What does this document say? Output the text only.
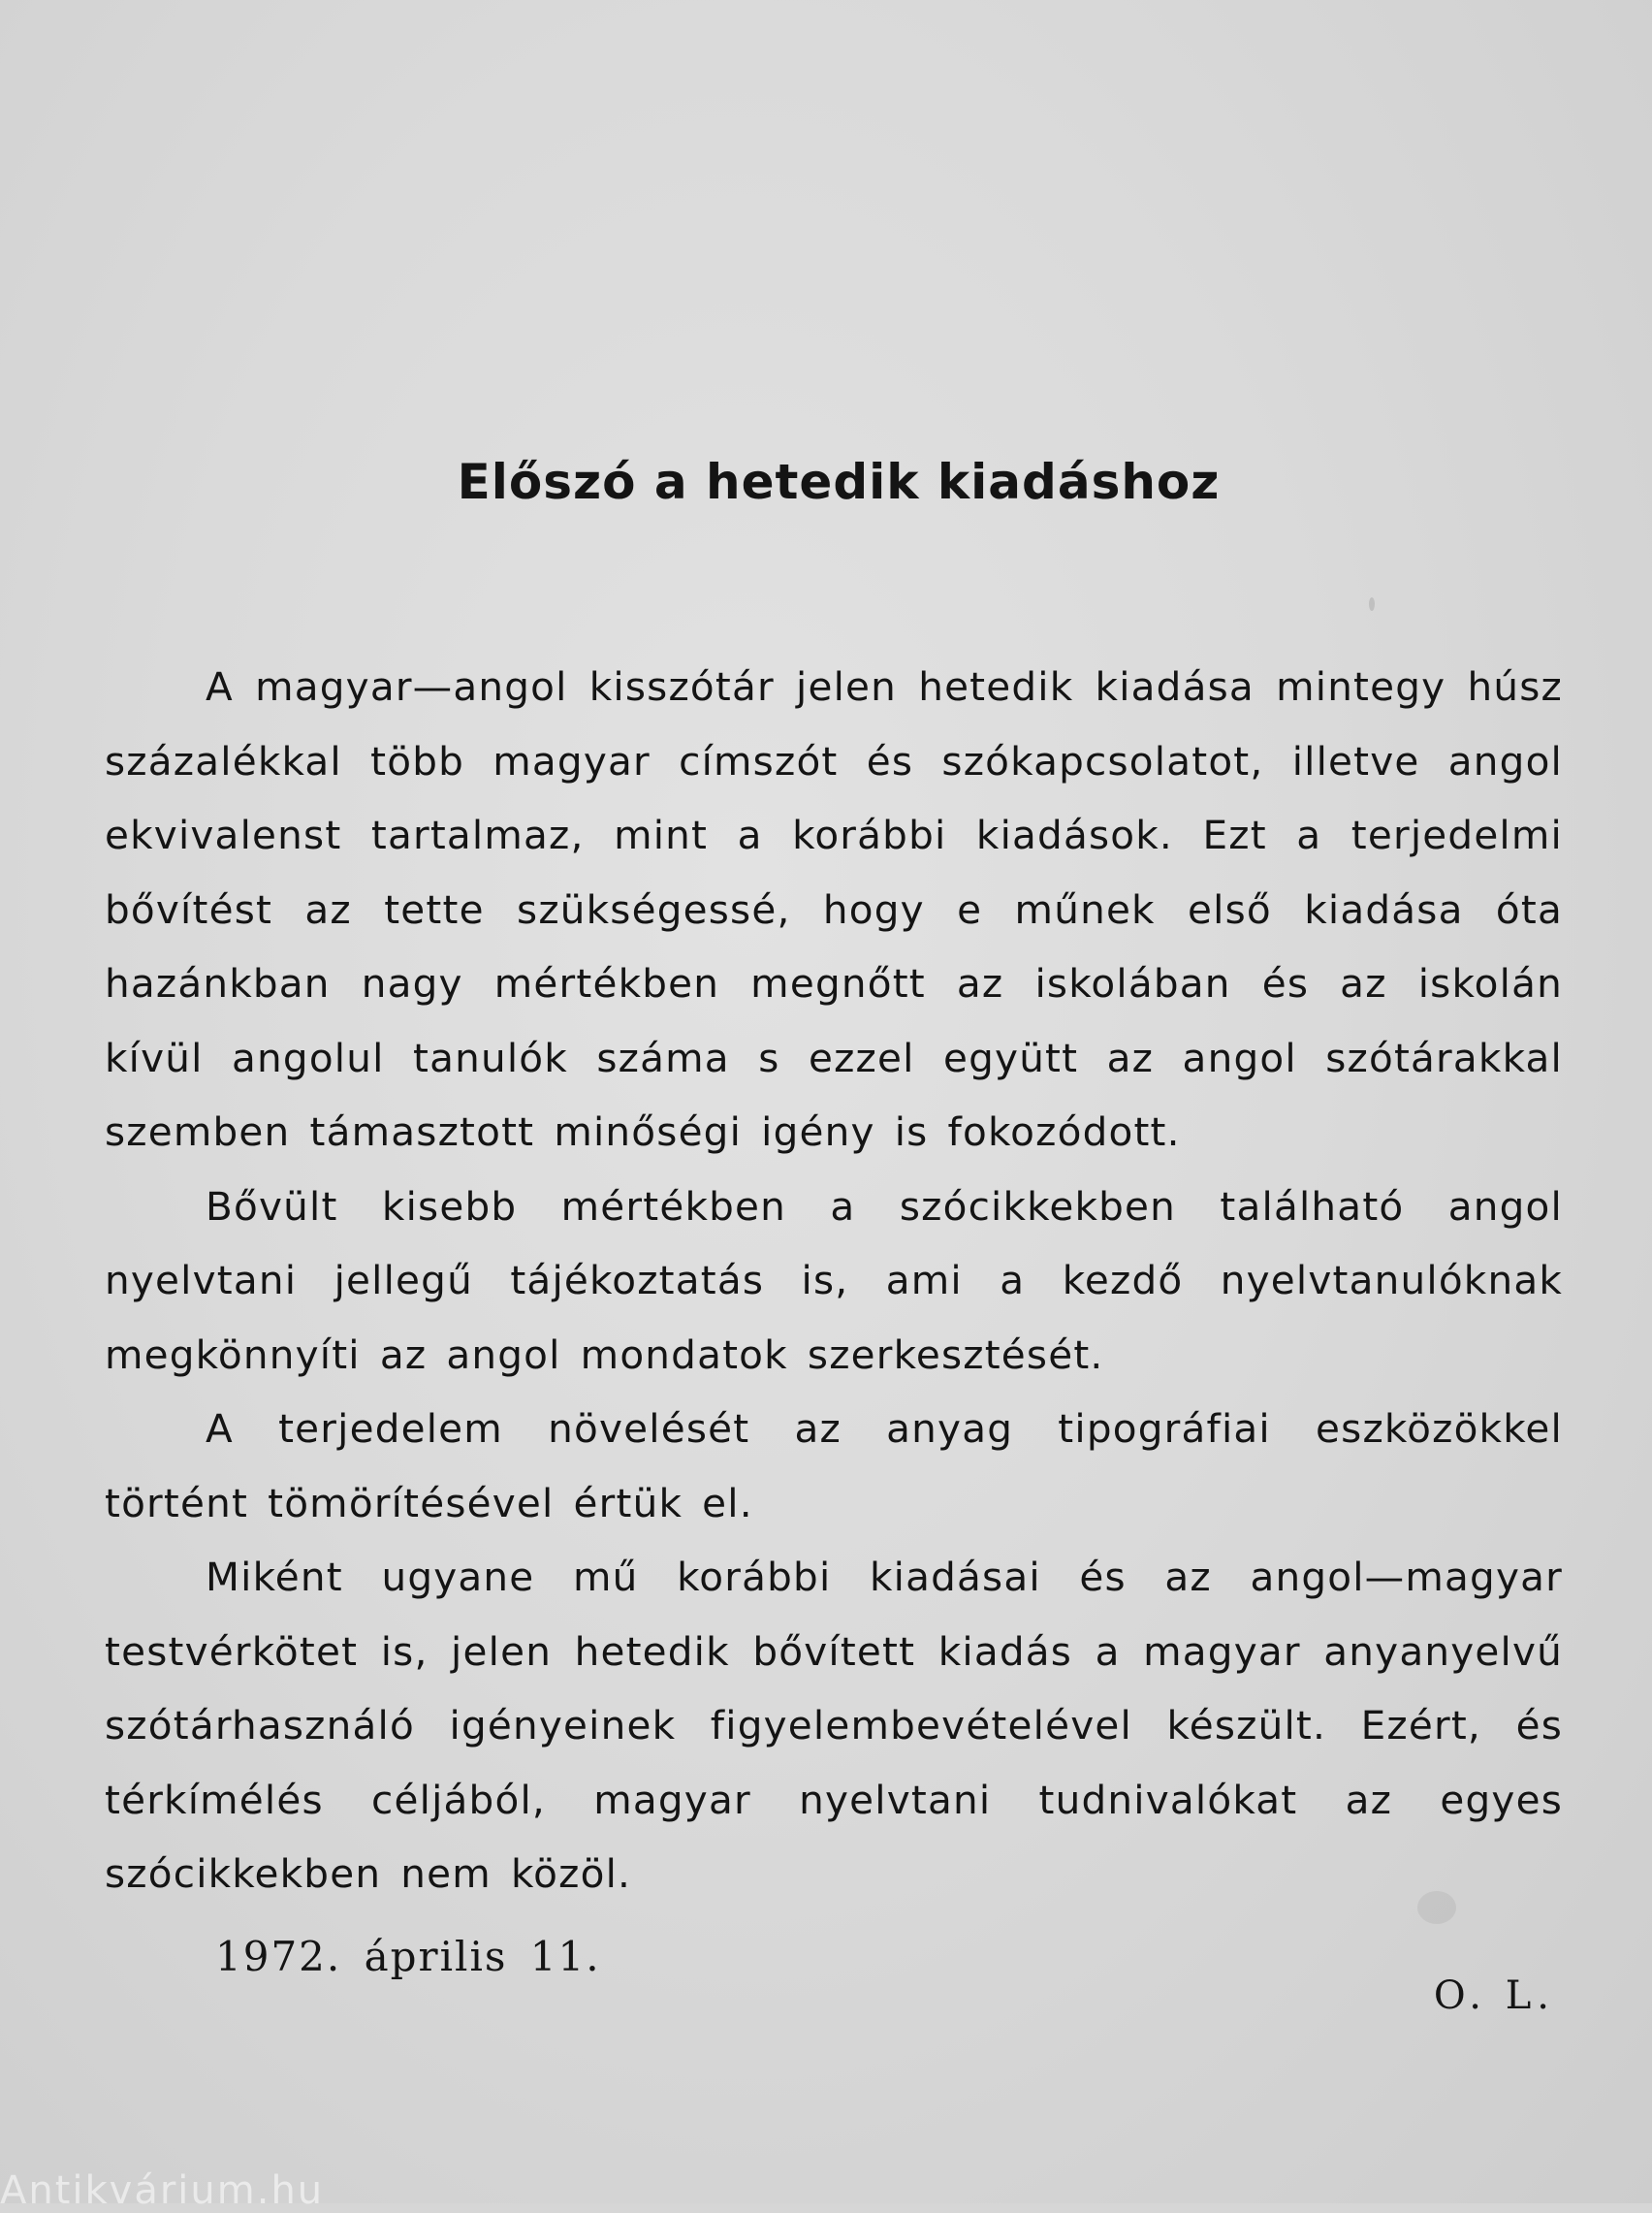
Előszó a hetedik kiadáshoz

A magyar—angol kisszótár jelen hetedik kiadása mintegy húsz százalékkal több magyar címszót és szókapcsolatot, illetve angol ekvivalenst tartalmaz, mint a korábbi kiadások. Ezt a terjedelmi bővítést az tette szükségessé, hogy e műnek első kiadása óta hazánkban nagy mértékben megnőtt az iskolában és az iskolán kívül angolul tanulók száma s ezzel együtt az angol szótárakkal szemben támasztott minőségi igény is fokozódott.

Bővült kisebb mértékben a szócikkekben található angol nyelvtani jellegű tájékoztatás is, ami a kezdő nyelvtanulóknak megkönnyíti az angol mondatok szerkesztését.

A terjedelem növelését az anyag tipográfiai eszközökkel történt tömörítésével értük el.

Miként ugyane mű korábbi kiadásai és az angol—magyar testvérkötet is, jelen hetedik bővített kiadás a magyar anyanyelvű szótárhasználó igényeinek figyelembevételével készült. Ezért, és térkímélés céljából, magyar nyelvtani tudnivalókat az egyes szócikkekben nem közöl.

1972. április 11.
O. L.
Antikvárium.hu
